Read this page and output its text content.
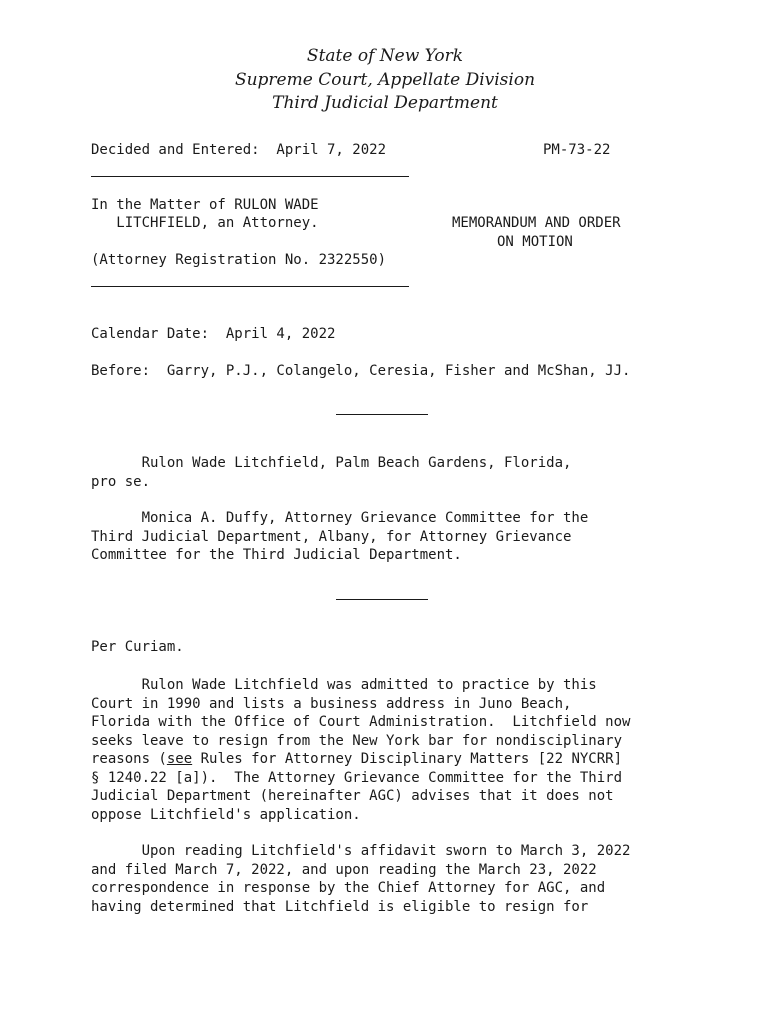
State of New York
Supreme Court, Appellate Division
Third Judicial Department
Decided and Entered:  April 7, 2022	PM-73-22
In the Matter of RULON WADE
LITCHFIELD, an Attorney.
(Attorney Registration No. 2322550)
MEMORANDUM AND ORDER
ON MOTION
Calendar Date:  April 4, 2022
Before:  Garry, P.J., Colangelo, Ceresia, Fisher and McShan, JJ.
Rulon Wade Litchfield, Palm Beach Gardens, Florida,
pro se.
Monica A. Duffy, Attorney Grievance Committee for the
Third Judicial Department, Albany, for Attorney Grievance
Committee for the Third Judicial Department.
Per Curiam.
Rulon Wade Litchfield was admitted to practice by this
Court in 1990 and lists a business address in Juno Beach,
Florida with the Office of Court Administration.  Litchfield now
seeks leave to resign from the New York bar for nondisciplinary
reasons (see Rules for Attorney Disciplinary Matters [22 NYCRR]
§ 1240.22 [a]).  The Attorney Grievance Committee for the Third
Judicial Department (hereinafter AGC) advises that it does not
oppose Litchfield's application.
Upon reading Litchfield's affidavit sworn to March 3, 2022
and filed March 7, 2022, and upon reading the March 23, 2022
correspondence in response by the Chief Attorney for AGC, and
having determined that Litchfield is eligible to resign for
